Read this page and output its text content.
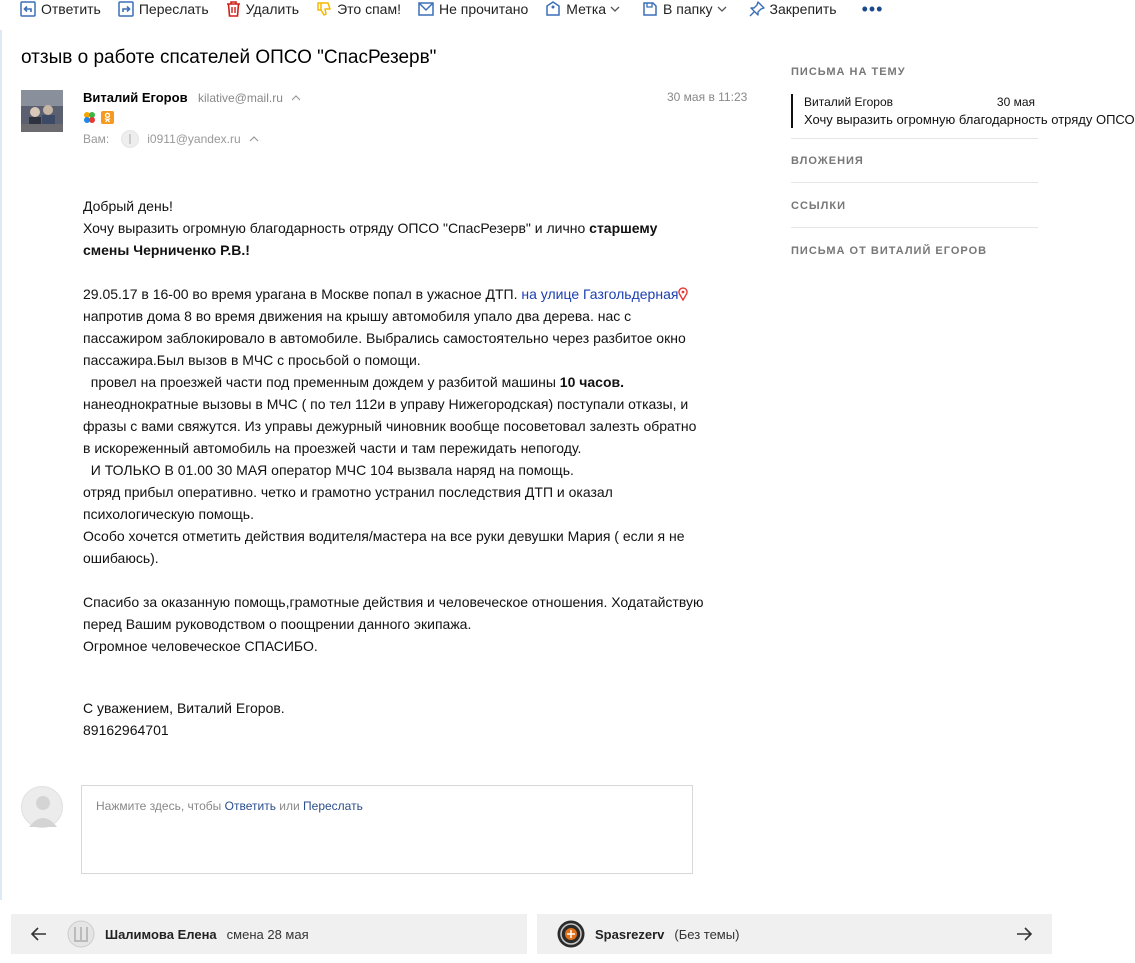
Ответить	Переслать	Удалить	Это спам!	Не прочитано	Метка	В папку	Закрепить •••
отзыв о работе спсателей ОПСО "СпасРезерв"
Виталий Егоров kilative@mail.ru
Вам:	i0911@yandex.ru
30 мая в 11:23

Добрый день!

Хочу выразить огромную благодарность отряду ОПСО "СпасРезерв" и лично старшему

смены Черниченко Р.В.!

29.05.17 в 16-00 во время урагана в Москве попал в ужасное ДТП. на улице Газгольдерная

напротив дома 8 во время движения на крышу автомобиля упало два дерева. нас с

пассажиром заблокировало в автомобиле. Выбрались самостоятельно через разбитое окно

пассажира.Был вызов в МЧС с просьбой о помощи.

провел на проезжей части под пременным дождем у разбитой машины 10 часов.

нанеоднократные вызовы в МЧС ( по тел 112и в управу Нижегородская) поступали отказы, и

фразы с вами свяжутся. Из управы дежурный чиновник вообще посоветовал залезть обратно

в искореженный автомобиль на проезжей части и там пережидать непогоду.

И ТОЛЬКО В 01.00 30 МАЯ оператор МЧС 104 вызвала наряд на помощь.

отряд прибыл оперативно. четко и грамотно устранил последствия ДТП и оказал

психологическую помощь.

Особо хочется отметить действия водителя/мастера на все руки девушки Мария ( если я не

ошибаюсь).

Спасибо за оказанную помощь,грамотные действия и человеческое отношения. Ходатайствую

перед Вашим руководством о поощрении данного экипажа.

Огромное человеческое СПАСИБО.

С уважением, Виталий Егоров.

89162964701

Нажмите здесь, чтобы Ответить или Переслать
ПИСЬМА НА ТЕМУ
Виталий Егоров	30 мая
Хочу выразить огромную благодарность отряду ОПСО
ВЛОЖЕНИЯ
ССЫЛКИ
ПИСЬМА ОТ ВИТАЛИЙ ЕГОРОВ
Шалимова Елена смена 28 мая	Spasrezerv (Без темы)
